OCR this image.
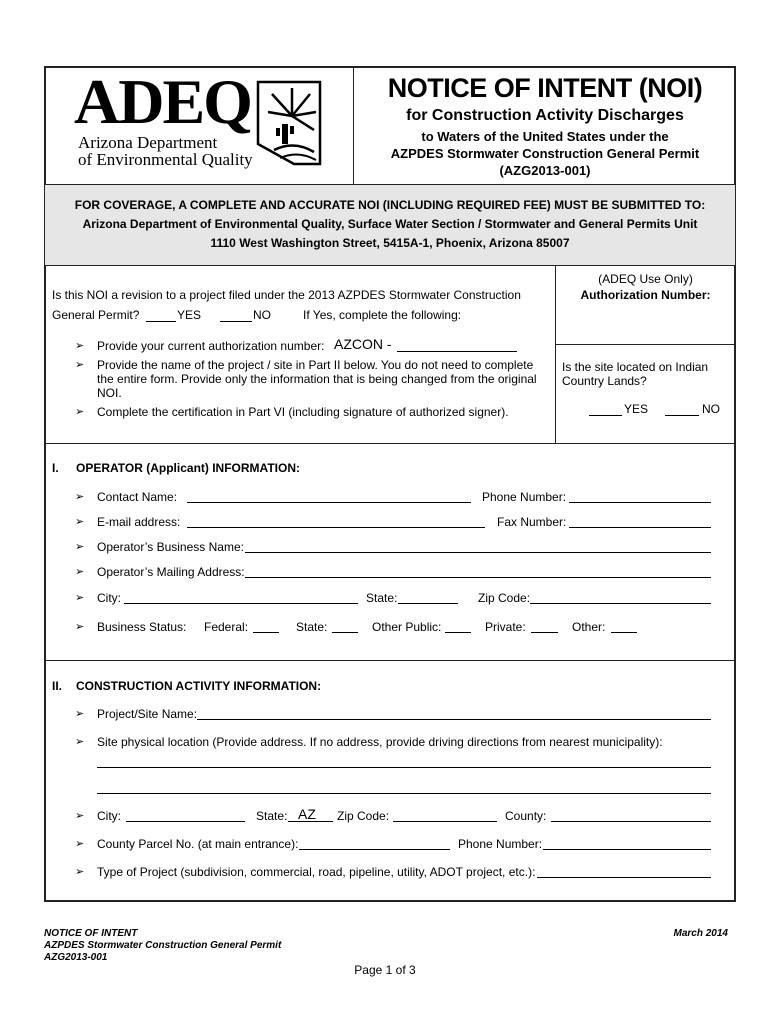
ADEQ
Arizona Department
of Environmental Quality
NOTICE OF INTENT (NOI)
for Construction Activity Discharges
to Waters of the United States under the
AZPDES Stormwater Construction General Permit
(AZG2013-001)
FOR COVERAGE, A COMPLETE AND ACCURATE NOI (INCLUDING REQUIRED FEE) MUST BE SUBMITTED TO:
Arizona Department of Environmental Quality, Surface Water Section / Stormwater and General Permits Unit
1110 West Washington Street, 5415A-1, Phoenix, Arizona 85007
Is this NOI a revision to a project filed under the 2013 AZPDES Stormwater Construction
General Permit?	YES	NO	If Yes, complete the following:
➢ Provide your current authorization number: AZCON -
➢ Provide the name of the project / site in Part II below. You do not need to complete
the entire form. Provide only the information that is being changed from the original
NOI.
➢ Complete the certification in Part VI (including signature of authorized signer).
(ADEQ Use Only)
Authorization Number:
Is the site located on Indian
Country Lands?
YES	NO
I. OPERATOR (Applicant) INFORMATION:
➢ Contact Name:	Phone Number:
➢ E-mail address:	Fax Number:
➢ Operator’s Business Name:
➢ Operator’s Mailing Address:
➢ City:	State:	Zip Code:
➢ Business Status: Federal:	State:	Other Public:	Private:	Other:
II. CONSTRUCTION ACTIVITY INFORMATION:
➢ Project/Site Name:
➢ Site physical location (Provide address. If no address, provide driving directions from nearest municipality):
➢ City:	State: AZ Zip Code:	County:
➢ County Parcel No. (at main entrance):	Phone Number:
➢ Type of Project (subdivision, commercial, road, pipeline, utility, ADOT project, etc.):
NOTICE OF INTENT
AZPDES Stormwater Construction General Permit
AZG2013-001
March 2014
Page 1 of 3
